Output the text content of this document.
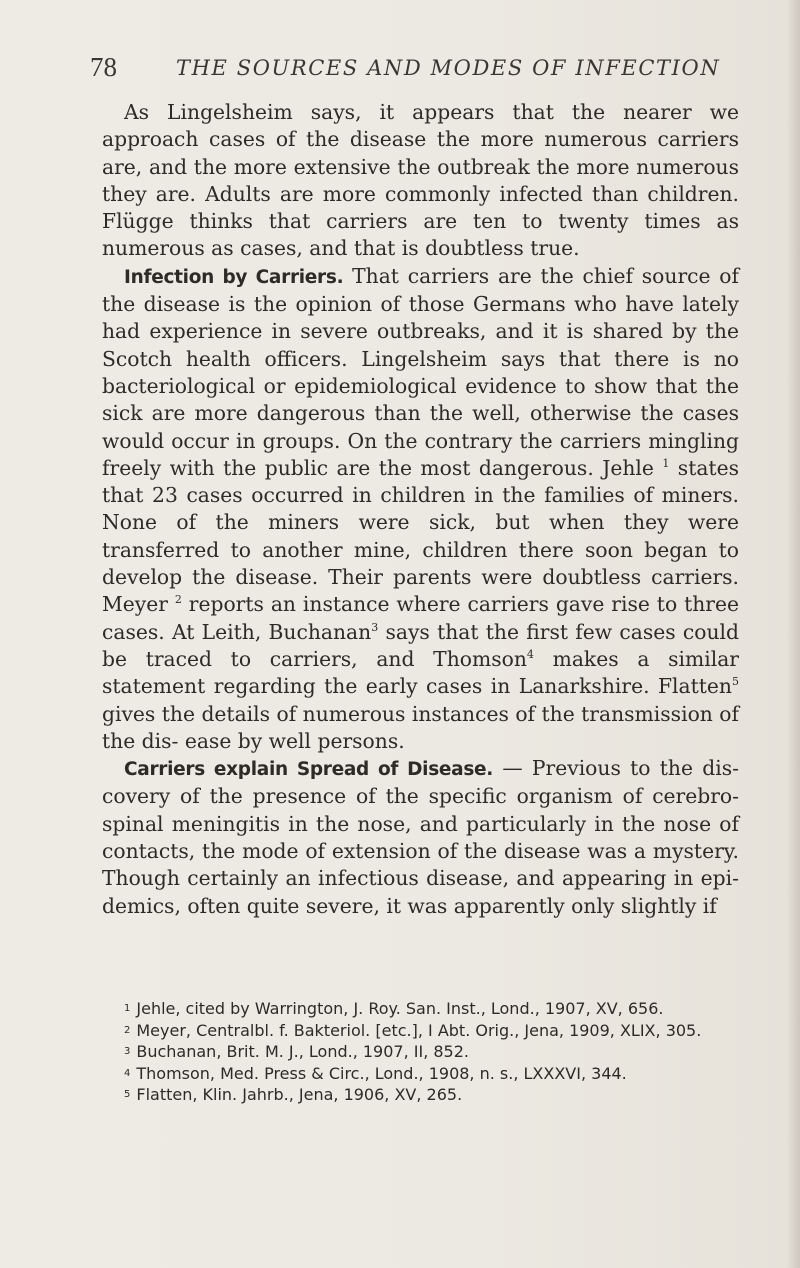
78	THE SOURCES AND MODES OF INFECTION

As Lingelsheim says, it appears that the nearer we approach cases of the disease the more numerous carriers are, and the more extensive the outbreak the more numerous they are. Adults are more commonly infected than children. Flügge thinks that carriers are ten to twenty times as numerous as cases, and that is doubtless true.

Infection by Carriers. That carriers are the chief source of the disease is the opinion of those Germans who have lately had experience in severe outbreaks, and it is shared by the Scotch health officers. Lingelsheim says that there is no bacteriological or epidemiological evidence to show that the sick are more dangerous than the well, otherwise the cases would occur in groups. On the contrary the carriers mingling freely with the public are the most dangerous. Jehle $^1$ states that 23 cases occurred in children in the families of miners. None of the miners were sick, but when they were transferred to another mine, children there soon began to develop the disease. Their parents were doubtless carriers. Meyer $^2$ reports an instance where carriers gave rise to three cases. At Leith, Buchanan$^3$ says that the first few cases could be traced to carriers, and Thomson$^4$ makes a similar statement regarding the early cases in Lanarkshire. Flatten$^5$ gives the details of numerous instances of the transmission of the dis- ease by well persons.

Carriers explain Spread of Disease. — Previous to the dis- covery of the presence of the specific organism of cerebro- spinal meningitis in the nose, and particularly in the nose of contacts, the mode of extension of the disease was a mystery. Though certainly an infectious disease, and appearing in epi- demics, often quite severe, it was apparently only slightly if

1 Jehle, cited by Warrington, J. Roy. San. Inst., Lond., 1907, XV, 656.

2 Meyer, Centralbl. f. Bakteriol. [etc.], I Abt. Orig., Jena, 1909, XLIX, 305.

3 Buchanan, Brit. M. J., Lond., 1907, II, 852.

4 Thomson, Med. Press & Circ., Lond., 1908, n. s., LXXXVI, 344.

5 Flatten, Klin. Jahrb., Jena, 1906, XV, 265.
